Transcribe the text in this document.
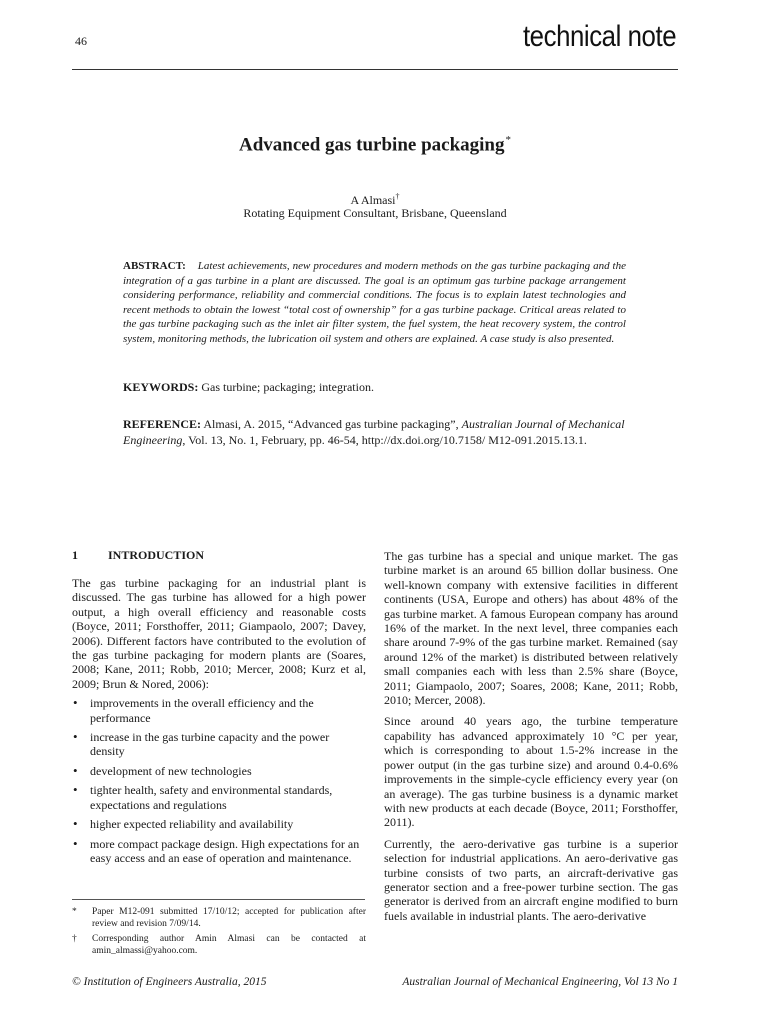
46	technical note
Advanced gas turbine packaging*
A Almasi†
Rotating Equipment Consultant, Brisbane, Queensland
ABSTRACT: Latest achievements, new procedures and modern methods on the gas turbine packaging and the integration of a gas turbine in a plant are discussed. The goal is an optimum gas turbine package arrangement considering performance, reliability and commercial conditions. The focus is to explain latest technologies and recent methods to obtain the lowest “total cost of ownership” for a gas turbine package. Critical areas related to the gas turbine packaging such as the inlet air filter system, the fuel system, the heat recovery system, the control system, monitoring methods, the lubrication oil system and others are explained. A case study is also presented.
KEYWORDS: Gas turbine; packaging; integration.
REFERENCE: Almasi, A. 2015, “Advanced gas turbine packaging”, Australian Journal of Mechanical Engineering, Vol. 13, No. 1, February, pp. 46-54, http://dx.doi.org/10.7158/ M12-091.2015.13.1.
1	INTRODUCTION

The gas turbine packaging for an industrial plant is discussed. The gas turbine has allowed for a high power output, a high overall efficiency and reasonable costs (Boyce, 2011; Forsthoffer, 2011; Giampaolo, 2007; Davey, 2006). Different factors have contributed to the evolution of the gas turbine packaging for modern plants are (Soares, 2008; Kane, 2011; Robb, 2010; Mercer, 2008; Kurz et al, 2009; Brun & Nored, 2006):

• improvements in the overall efficiency and the performance
• increase in the gas turbine capacity and the power density
• development of new technologies
• tighter health, safety and environmental standards, expectations and regulations
• higher expected reliability and availability
• more compact package design. High expectations for an easy access and an ease of operation and maintenance.

The gas turbine has a special and unique market. The gas turbine market is an around 65 billion dollar business. One well-known company with extensive facilities in different continents (USA, Europe and others) has about 48% of the gas turbine market. A famous European company has around 16% of the market. In the next level, three companies each share around 7-9% of the gas turbine market. Remained (say around 12% of the market) is distributed between relatively small companies each with less than 2.5% share (Boyce, 2011; Giampaolo, 2007; Soares, 2008; Kane, 2011; Robb, 2010; Mercer, 2008).

Since around 40 years ago, the turbine temperature capability has advanced approximately 10 °C per year, which is corresponding to about 1.5-2% increase in the power output (in the gas turbine size) and around 0.4-0.6% improvements in the simple-cycle efficiency every year (on an average). The gas turbine business is a dynamic market with new products at each decade (Boyce, 2011; Forsthoffer, 2011).

Currently, the aero-derivative gas turbine is a superior selection for industrial applications. An aero-derivative gas turbine consists of two parts, an aircraft-derivative gas generator section and a free-power turbine section. The gas generator is derived from an aircraft engine modified to burn fuels available in industrial plants. The aero-derivative

* Paper M12-091 submitted 17/10/12; accepted for publication after review and revision 7/09/14.
† Corresponding author Amin Almasi can be contacted at amin_almassi@yahoo.com.
© Institution of Engineers Australia, 2015	Australian Journal of Mechanical Engineering, Vol 13 No 1
